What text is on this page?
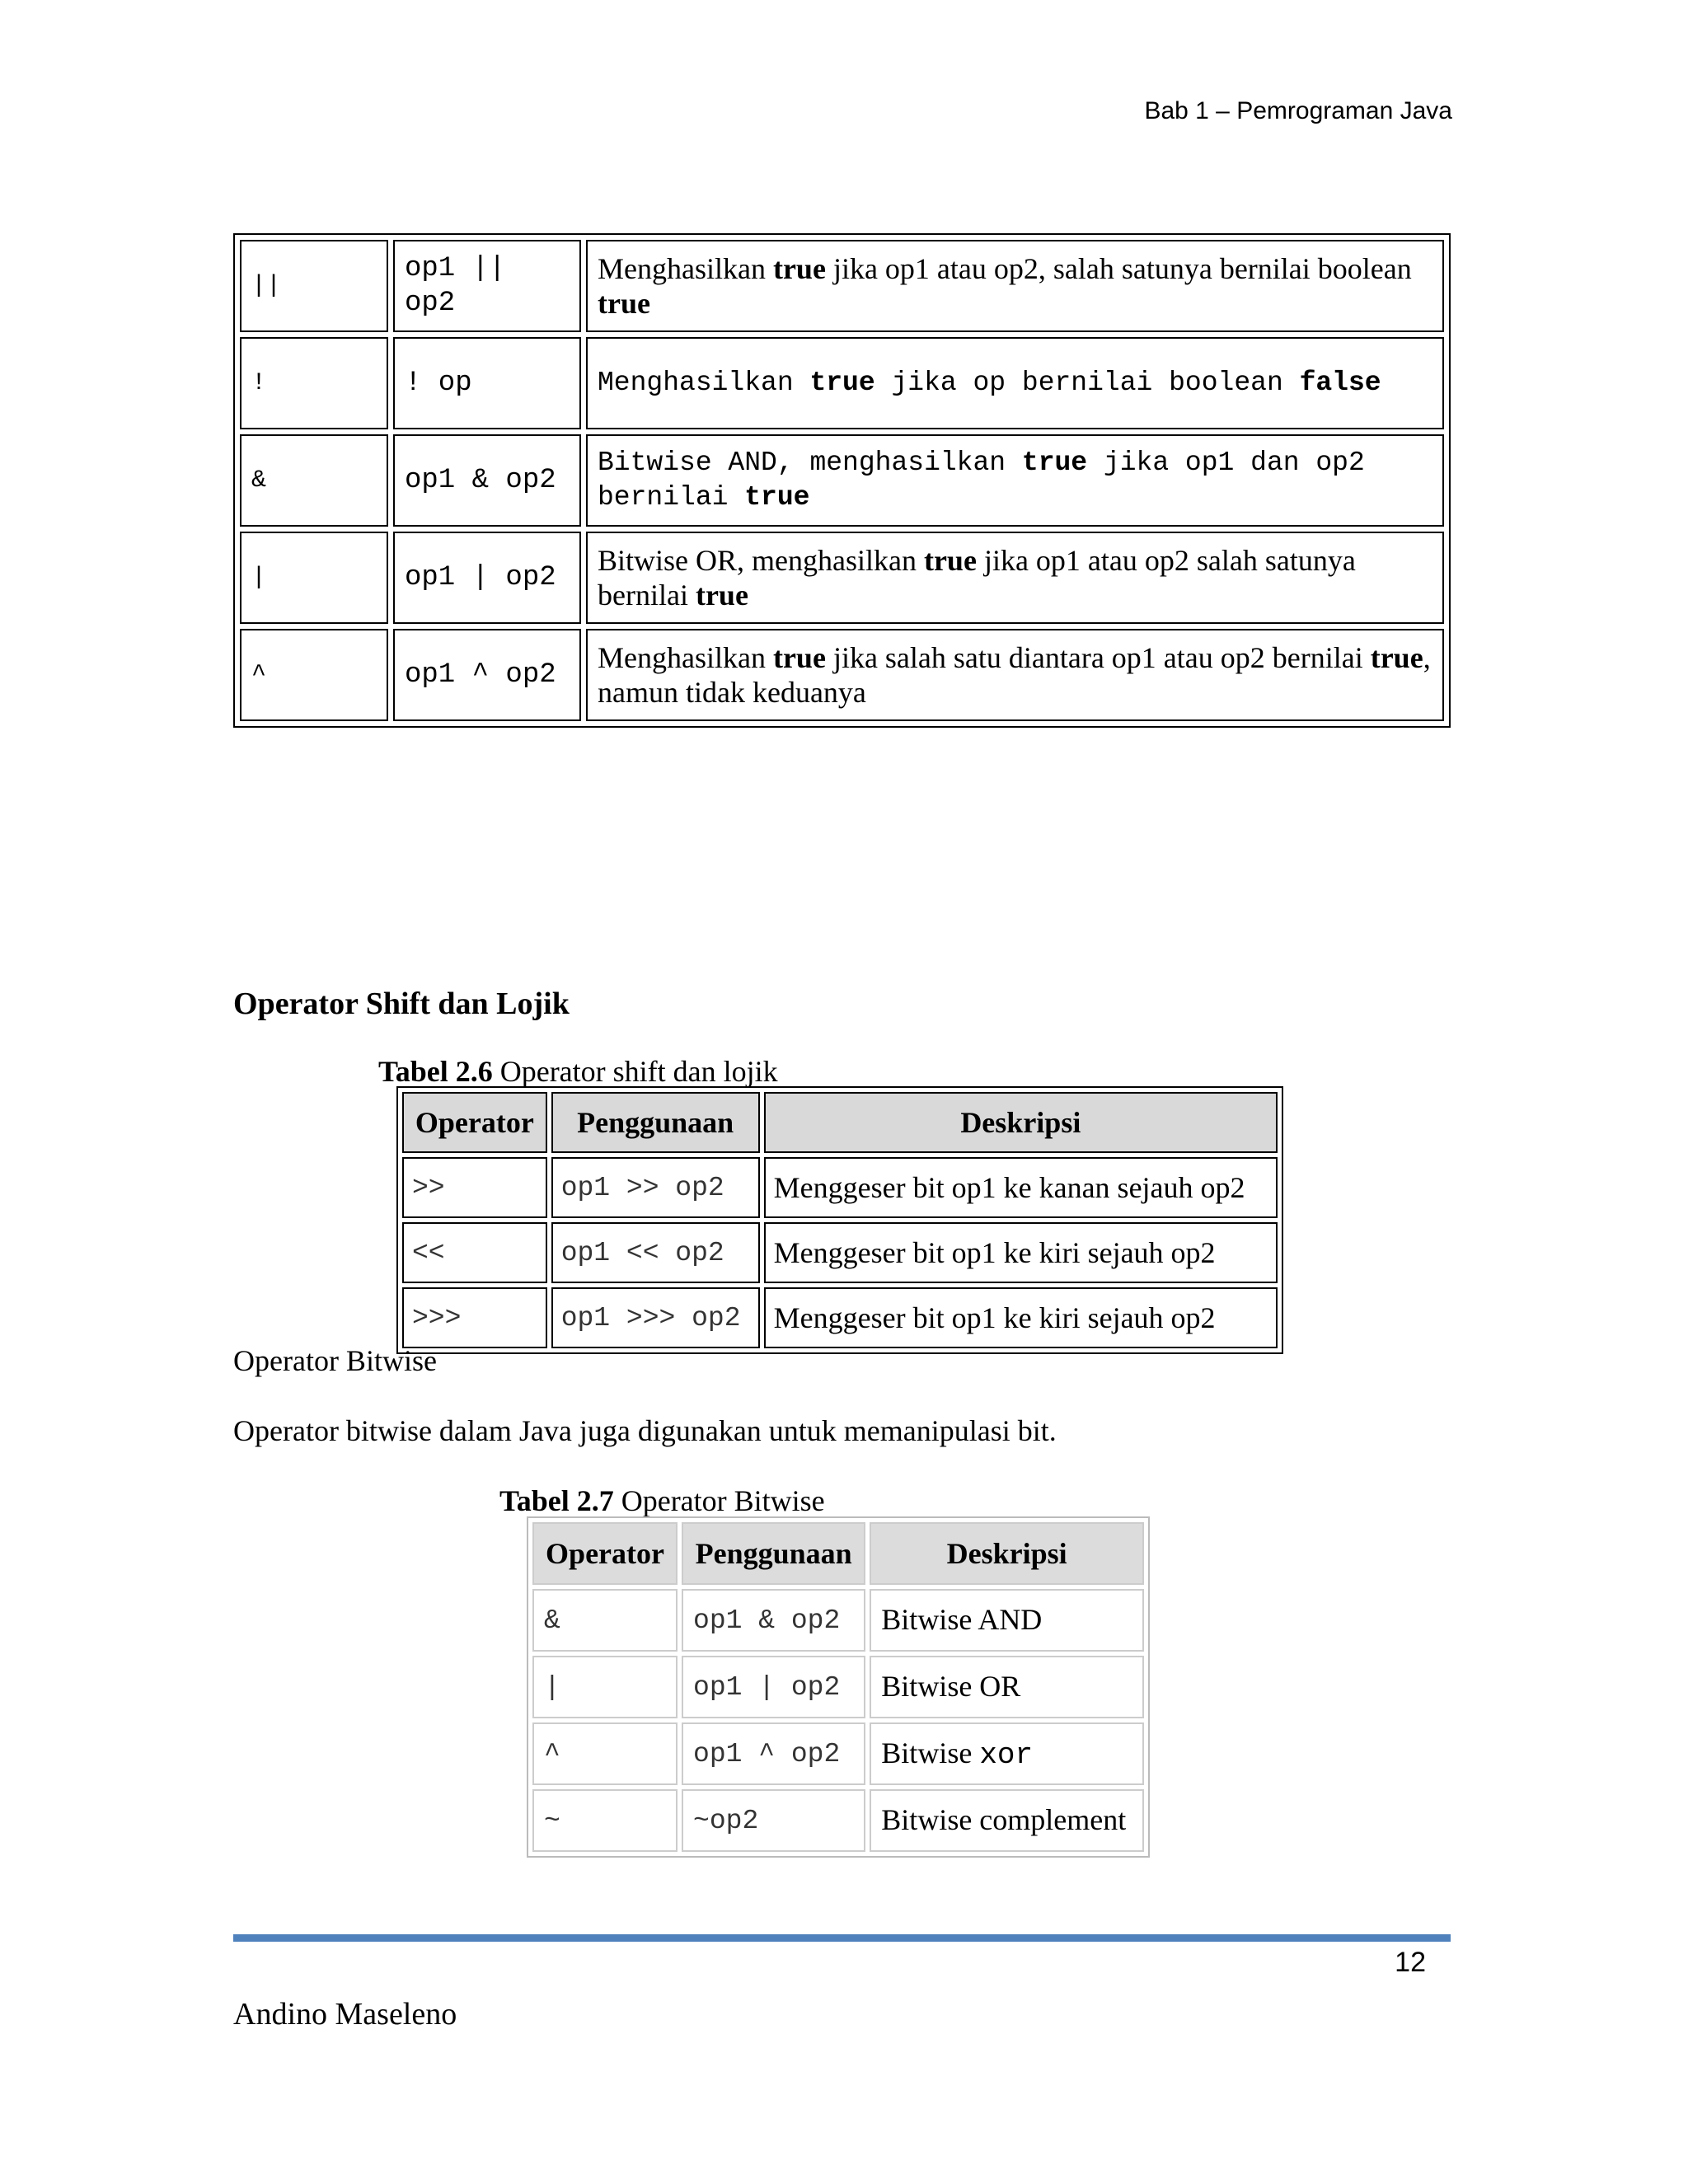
Bab 1 – Pemrograman Java
||	op1 || op2	Menghasilkan true jika op1 atau op2, salah satunya bernilai boolean true
!	! op	Menghasilkan true jika op bernilai boolean false
&	op1 & op2	Bitwise AND, menghasilkan true jika op1 dan op2 bernilai true
|	op1 | op2	Bitwise OR, menghasilkan true jika op1 atau op2 salah satunya bernilai true
^	op1 ^ op2	Menghasilkan true jika salah satu diantara op1 atau op2 bernilai true, namun tidak keduanya
Operator Shift dan Lojik
Tabel 2.6 Operator shift dan lojik
Operator	Penggunaan	Deskripsi
>>	op1 >> op2	Menggeser bit op1 ke kanan sejauh op2
<<	op1 << op2	Menggeser bit op1 ke kiri sejauh op2
>>>	op1 >>> op2	Menggeser bit op1 ke kiri sejauh op2
Operator Bitwise
Operator bitwise dalam Java juga digunakan untuk memanipulasi bit.
Tabel 2.7 Operator Bitwise
Operator	Penggunaan	Deskripsi
&	op1 & op2	Bitwise AND
|	op1 | op2	Bitwise OR
^	op1 ^ op2	Bitwise xor
~	~op2	Bitwise complement
12
Andino Maseleno
